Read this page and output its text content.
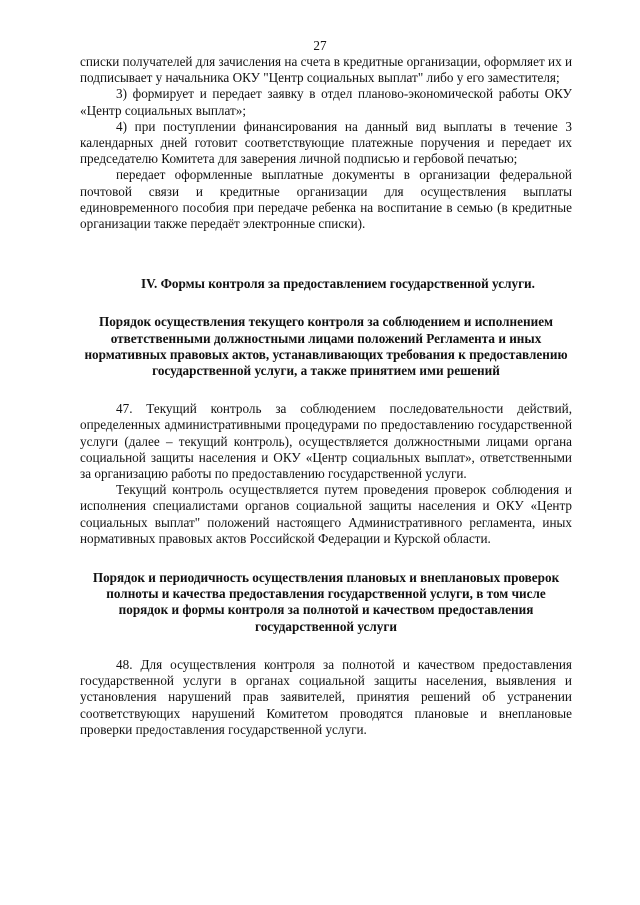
27

списки получателей для зачисления на счета в кредитные организации, оформляет их и подписывает у начальника ОКУ "Центр социальных выплат" либо у его заместителя;

3) формирует и передает заявку в отдел планово-экономической работы ОКУ «Центр социальных выплат»;

4) при поступлении финансирования на данный вид выплаты в течение 3 календарных дней готовит соответствующие платежные поручения и передает их председателю Комитета для заверения личной подписью и гербовой печатью;

передает оформленные выплатные документы в организации федеральной почтовой связи и кредитные организации для осуществления выплаты единовременного пособия при передаче ребенка на воспитание в семью (в кредитные организации также передаёт электронные списки).

IV. Формы контроля за предоставлением государственной услуги.
Порядок осуществления текущего контроля за соблюдением и исполнением ответственными должностными лицами положений Регламента и иных нормативных правовых актов, устанавливающих требования к предоставлению государственной услуги, а также принятием ими решений

47. Текущий контроль за соблюдением последовательности действий, определенных административными процедурами по предоставлению государственной услуги (далее – текущий контроль), осуществляется должностными лицами органа социальной защиты населения и ОКУ «Центр социальных выплат», ответственными за организацию работы по предоставлению государственной услуги.

Текущий контроль осуществляется путем проведения проверок соблюдения и исполнения специалистами органов социальной защиты населения и ОКУ «Центр социальных выплат" положений настоящего Административного регламента, иных нормативных правовых актов Российской Федерации и Курской области.

Порядок и периодичность осуществления плановых и внеплановых проверок полноты и качества предоставления государственной услуги, в том числе порядок и формы контроля за полнотой и качеством предоставления государственной услуги

48. Для осуществления контроля за полнотой и качеством предоставления государственной услуги в органах социальной защиты населения, выявления и установления нарушений прав заявителей, принятия решений об устранении соответствующих нарушений Комитетом проводятся плановые и внеплановые проверки предоставления государственной услуги.
